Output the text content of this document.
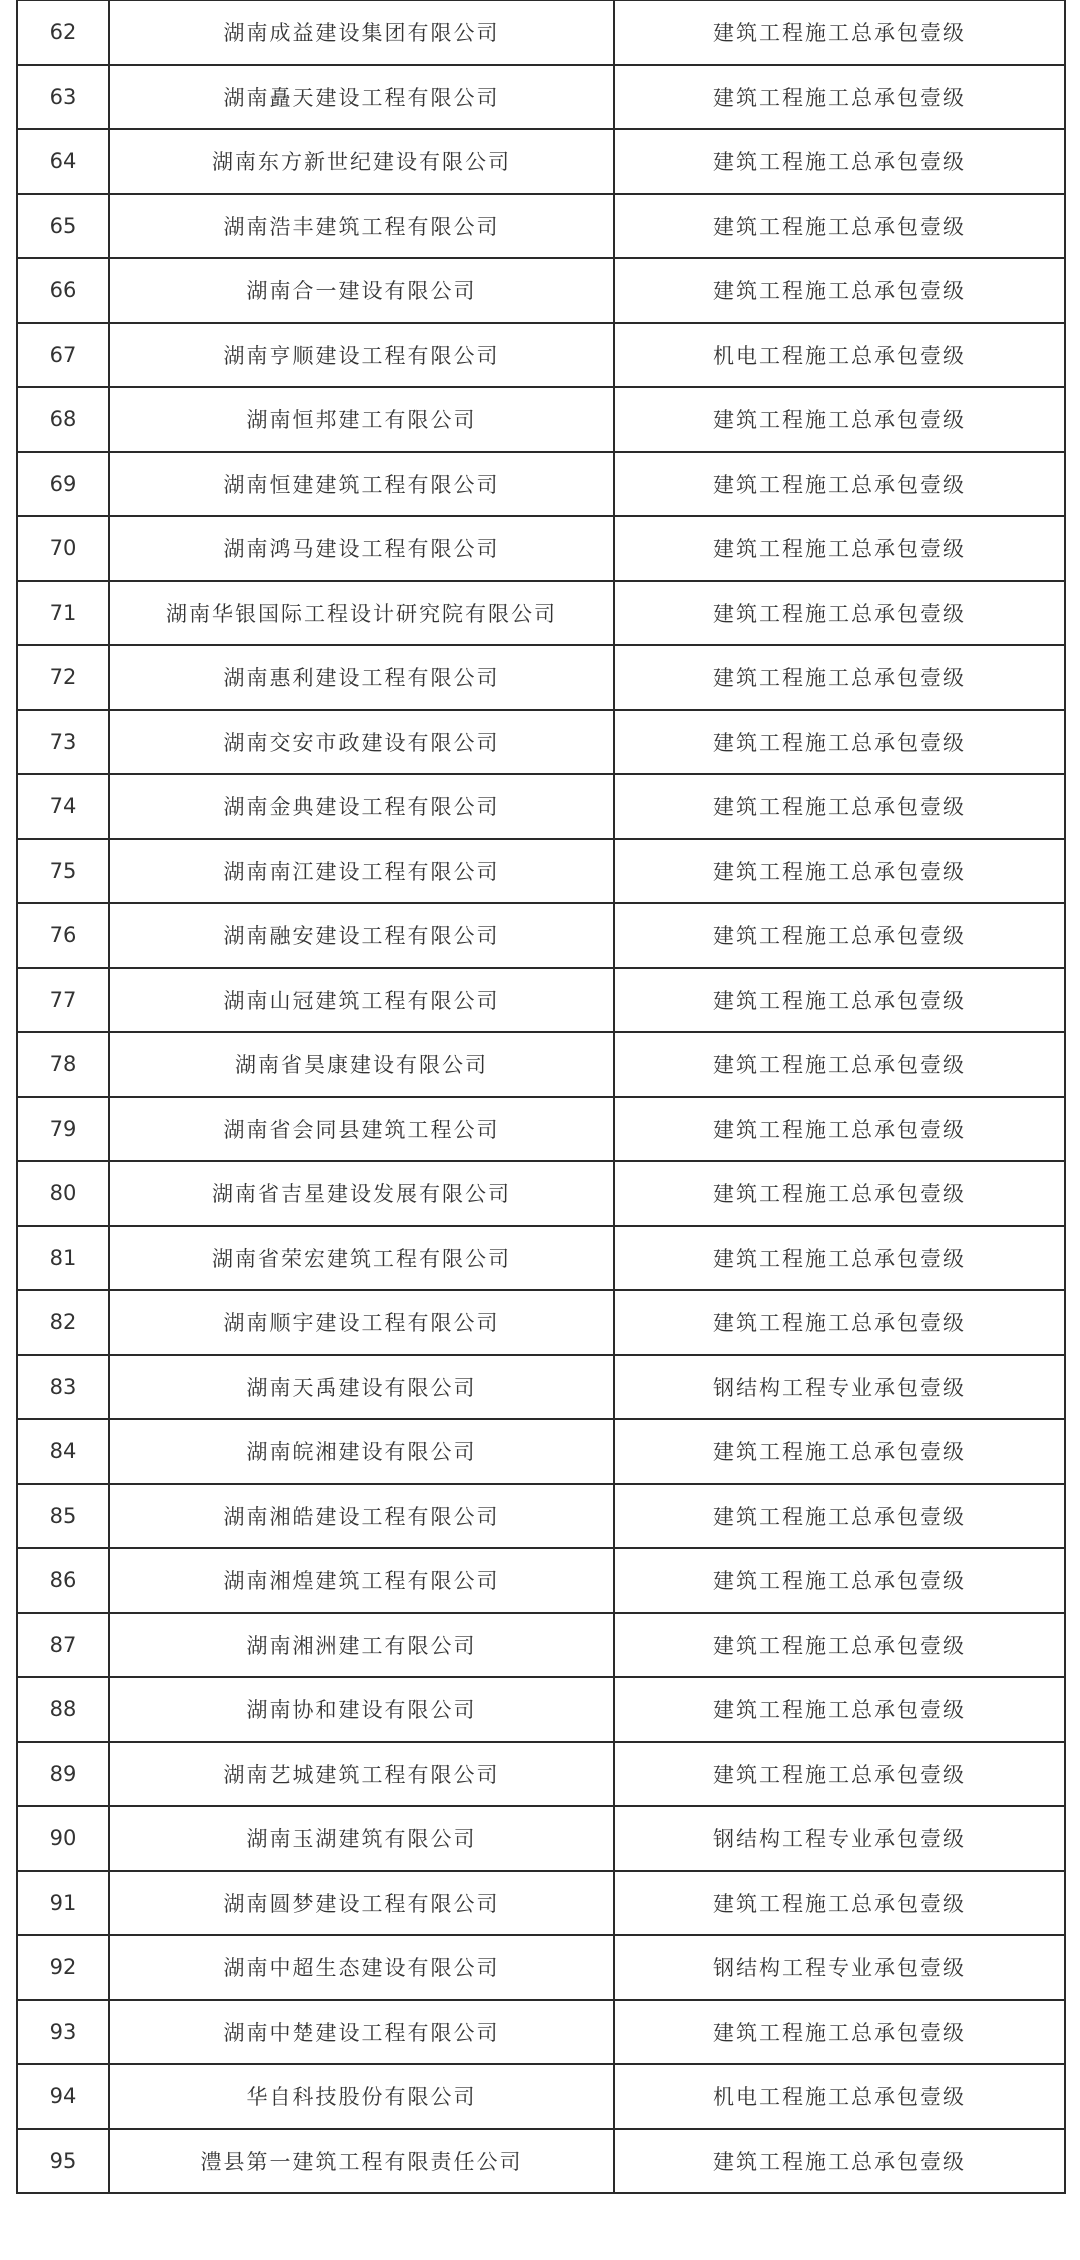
62	湖南成益建设集团有限公司	建筑工程施工总承包壹级
63	湖南矗天建设工程有限公司	建筑工程施工总承包壹级
64	湖南东方新世纪建设有限公司	建筑工程施工总承包壹级
65	湖南浩丰建筑工程有限公司	建筑工程施工总承包壹级
66	湖南合一建设有限公司	建筑工程施工总承包壹级
67	湖南亨顺建设工程有限公司	机电工程施工总承包壹级
68	湖南恒邦建工有限公司	建筑工程施工总承包壹级
69	湖南恒建建筑工程有限公司	建筑工程施工总承包壹级
70	湖南鸿马建设工程有限公司	建筑工程施工总承包壹级
71	湖南华银国际工程设计研究院有限公司	建筑工程施工总承包壹级
72	湖南惠利建设工程有限公司	建筑工程施工总承包壹级
73	湖南交安市政建设有限公司	建筑工程施工总承包壹级
74	湖南金典建设工程有限公司	建筑工程施工总承包壹级
75	湖南南江建设工程有限公司	建筑工程施工总承包壹级
76	湖南融安建设工程有限公司	建筑工程施工总承包壹级
77	湖南山冠建筑工程有限公司	建筑工程施工总承包壹级
78	湖南省昊康建设有限公司	建筑工程施工总承包壹级
79	湖南省会同县建筑工程公司	建筑工程施工总承包壹级
80	湖南省吉星建设发展有限公司	建筑工程施工总承包壹级
81	湖南省荣宏建筑工程有限公司	建筑工程施工总承包壹级
82	湖南顺宇建设工程有限公司	建筑工程施工总承包壹级
83	湖南天禹建设有限公司	钢结构工程专业承包壹级
84	湖南皖湘建设有限公司	建筑工程施工总承包壹级
85	湖南湘皓建设工程有限公司	建筑工程施工总承包壹级
86	湖南湘煌建筑工程有限公司	建筑工程施工总承包壹级
87	湖南湘洲建工有限公司	建筑工程施工总承包壹级
88	湖南协和建设有限公司	建筑工程施工总承包壹级
89	湖南艺城建筑工程有限公司	建筑工程施工总承包壹级
90	湖南玉湖建筑有限公司	钢结构工程专业承包壹级
91	湖南圆梦建设工程有限公司	建筑工程施工总承包壹级
92	湖南中超生态建设有限公司	钢结构工程专业承包壹级
93	湖南中楚建设工程有限公司	建筑工程施工总承包壹级
94	华自科技股份有限公司	机电工程施工总承包壹级
95	澧县第一建筑工程有限责任公司	建筑工程施工总承包壹级
